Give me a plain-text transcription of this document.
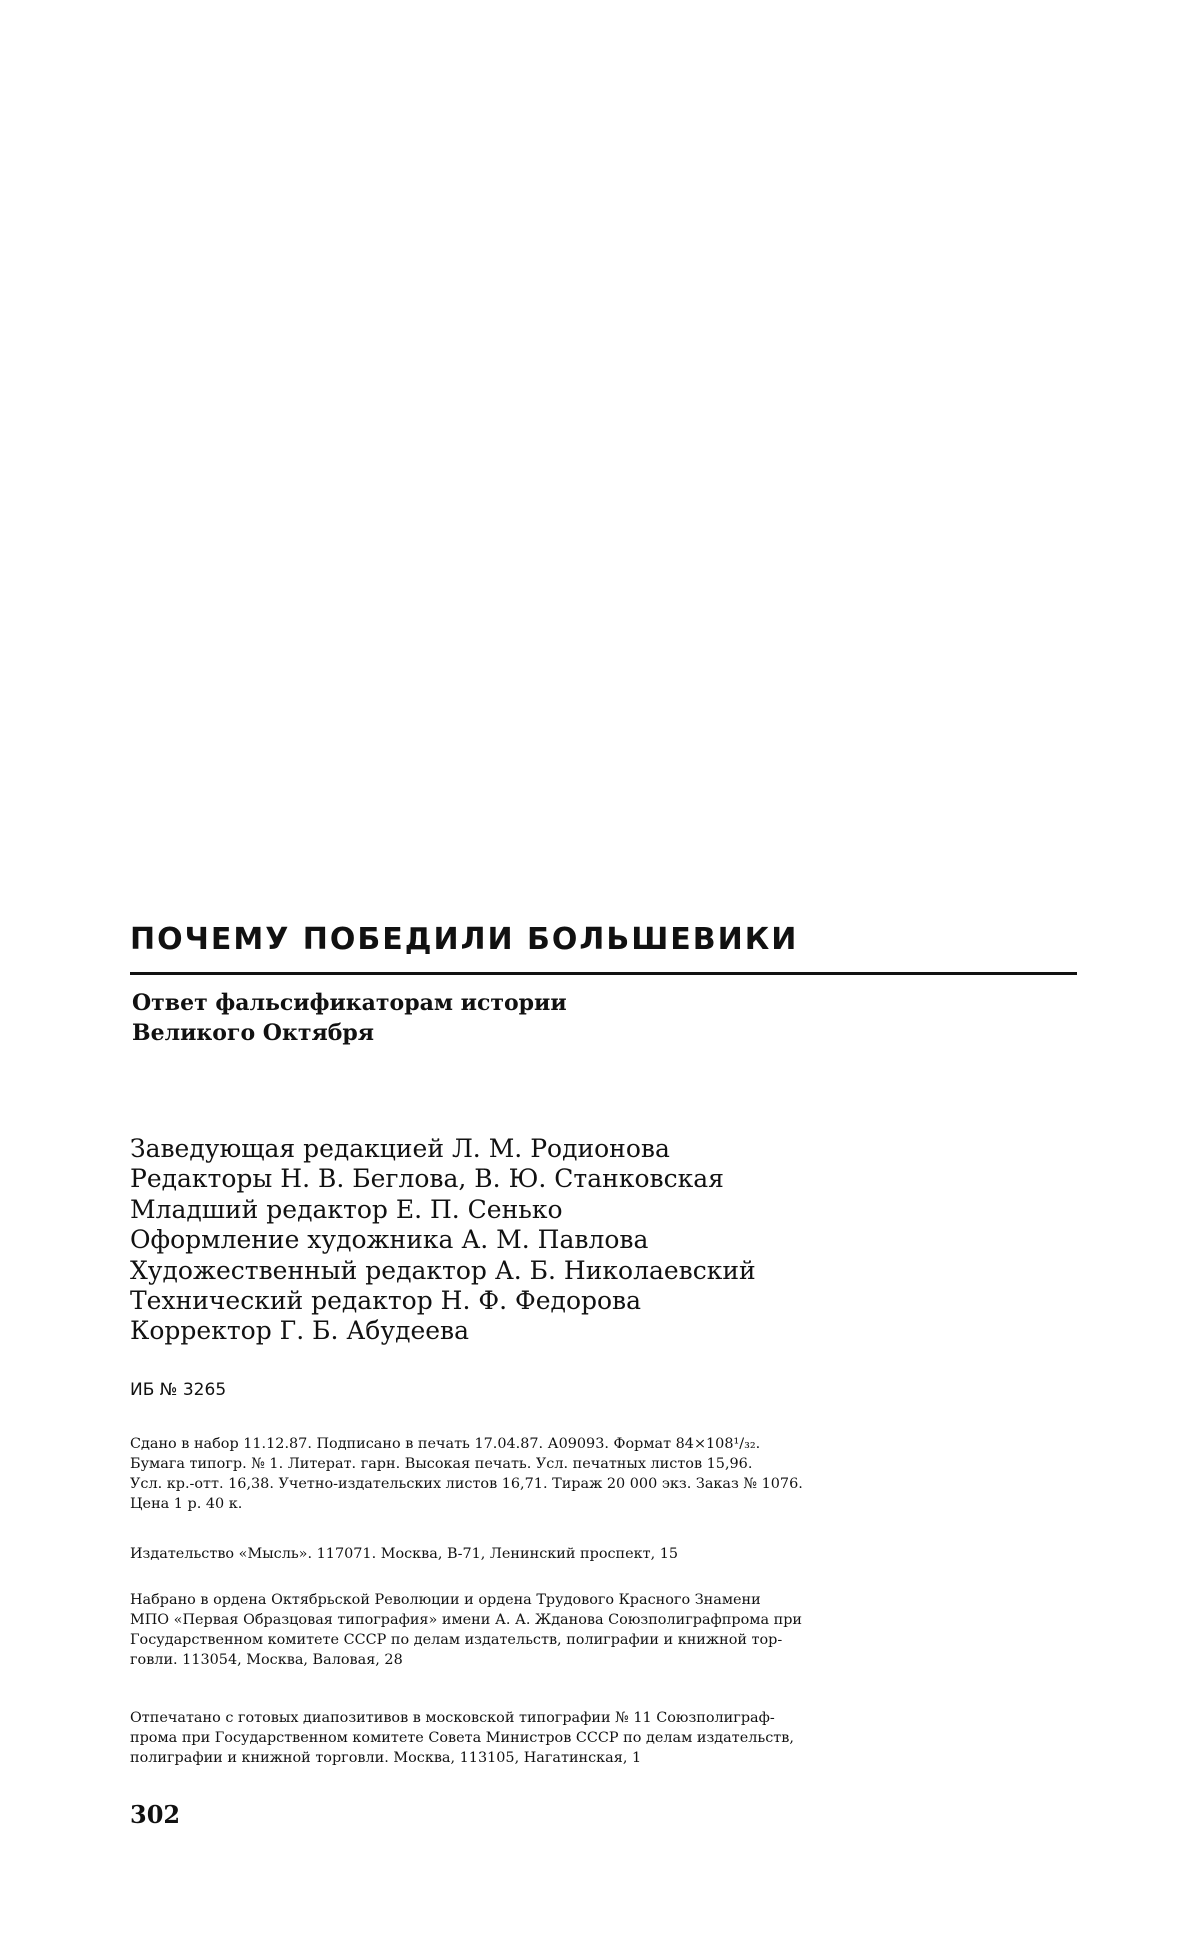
ПОЧЕМУ ПОБЕДИЛИ БОЛЬШЕВИКИ
Ответ фальсификаторам истории
Великого Октября
Заведующая редакцией Л. М. Родионова
Редакторы Н. В. Беглова, В. Ю. Станковская
Младший редактор Е. П. Сенько
Оформление художника А. М. Павлова
Художественный редактор А. Б. Николаевский
Технический редактор Н. Ф. Федорова
Корректор Г. Б. Абудеева
ИБ № 3265
Сдано в набор 11.12.87. Подписано в печать 17.04.87. А09093. Формат 84×108¹/₃₂.
Бумага типогр. № 1. Литерат. гарн. Высокая печать. Усл. печатных листов 15,96.
Усл. кр.-отт. 16,38. Учетно-издательских листов 16,71. Тираж 20 000 экз. Заказ № 1076.
Цена 1 р. 40 к.
Издательство «Мысль». 117071. Москва, В-71, Ленинский проспект, 15
Набрано в ордена Октябрьской Революции и ордена Трудового Красного Знамени
МПО «Первая Образцовая типография» имени А. А. Жданова Союзполиграфпрома при
Государственном комитете СССР по делам издательств, полиграфии и книжной тор-
говли. 113054, Москва, Валовая, 28
Отпечатано с готовых диапозитивов в московской типографии № 11 Союзполиграф-
прома при Государственном комитете Совета Министров СССР по делам издательств,
полиграфии и книжной торговли. Москва, 113105, Нагатинская, 1
302
